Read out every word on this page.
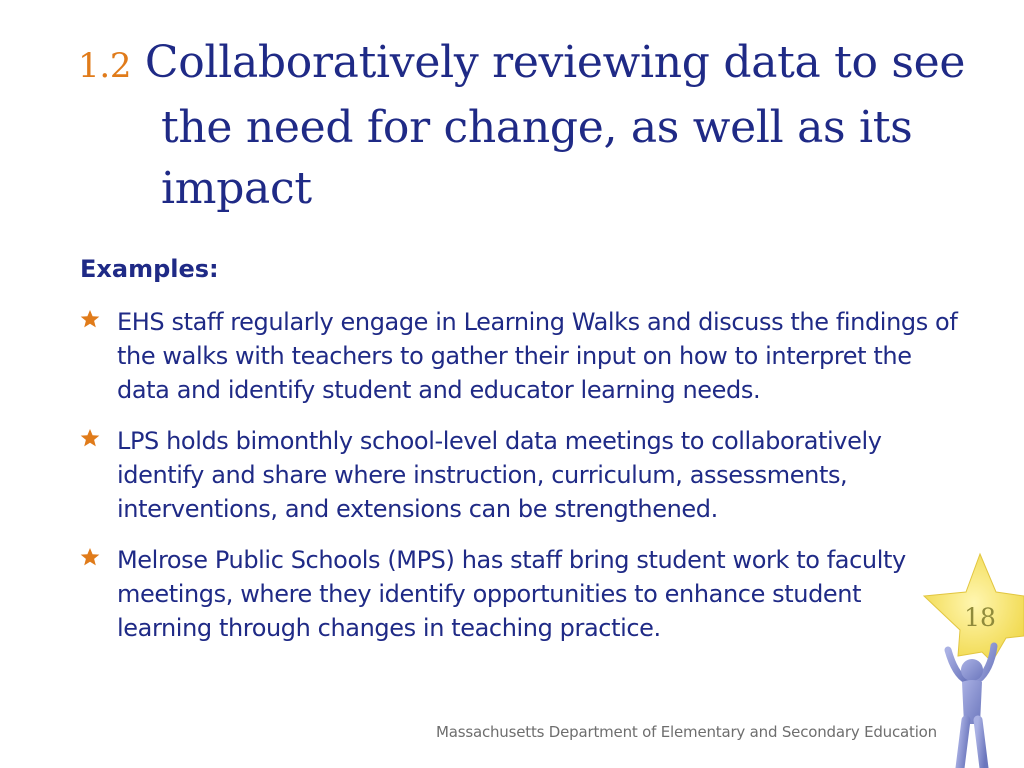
1.2 Collaboratively reviewing data to see the need for change, as well as its impact
Examples:
EHS staff regularly engage in Learning Walks and discuss the findings of the walks with teachers to gather their input on how to interpret the data and identify student and educator learning needs.
LPS holds bimonthly school-level data meetings to collaboratively identify and share where instruction, curriculum, assessments, interventions, and extensions can be strengthened.
Melrose Public Schools (MPS) has staff bring student work to faculty meetings, where they identify opportunities to enhance student learning through changes in teaching practice.	18
Massachusetts Department of Elementary and Secondary Education
